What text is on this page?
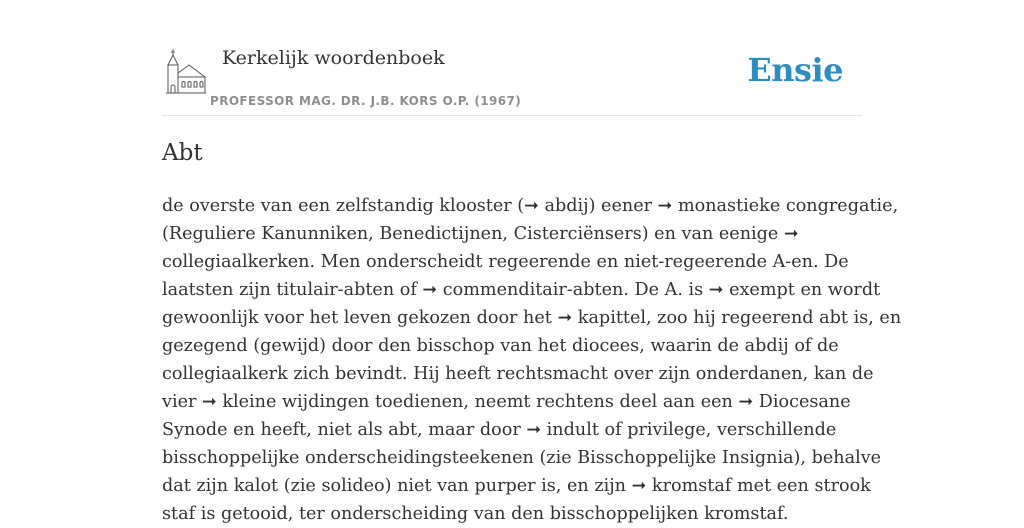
Kerkelijk woordenboek
PROFESSOR MAG. DR. J.B. KORS O.P. (1967)
Ensie
Abt
de overste van een zelfstandig klooster (➞ abdij) eener ➞ monastieke congregatie,
(Reguliere Kanunniken, Benedictijnen, Cisterciënsers) en van eenige ➞
collegiaalkerken. Men onderscheidt regeerende en niet-regeerende A-en. De
laatsten zijn titulair-abten of ➞ commenditair-abten. De A. is ➞ exempt en wordt
gewoonlijk voor het leven gekozen door het ➞ kapittel, zoo hij regeerend abt is, en
gezegend (gewijd) door den bisschop van het diocees, waarin de abdij of de
collegiaalkerk zich bevindt. Hij heeft rechtsmacht over zijn onderdanen, kan de
vier ➞ kleine wijdingen toedienen, neemt rechtens deel aan een ➞ Diocesane
Synode en heeft, niet als abt, maar door ➞ indult of privilege, verschillende
bisschoppelijke onderscheidingsteekenen (zie Bisschoppelijke Insignia), behalve
dat zijn kalot (zie solideo) niet van purper is, en zijn ➞ kromstaf met een strook
staf is getooid, ter onderscheiding van den bisschoppelijken kromstaf.
